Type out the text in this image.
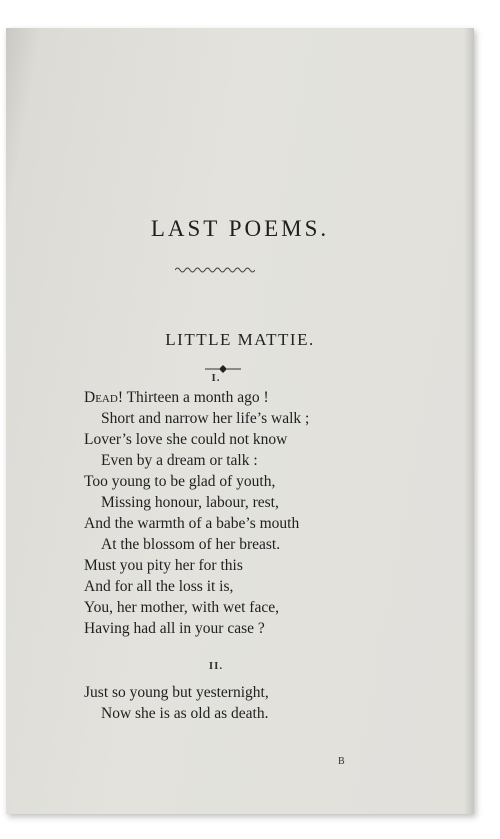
LAST POEMS.
LITTLE MATTIE.
I.
Dead! Thirteen a month ago !
Short and narrow her life’s walk ;
Lover’s love she could not know
Even by a dream or talk :
Too young to be glad of youth,
Missing honour, labour, rest,
And the warmth of a babe’s mouth
At the blossom of her breast.
Must you pity her for this
And for all the loss it is,
You, her mother, with wet face,
Having had all in your case ?
II.
Just so young but yesternight,
Now she is as old as death.
B
